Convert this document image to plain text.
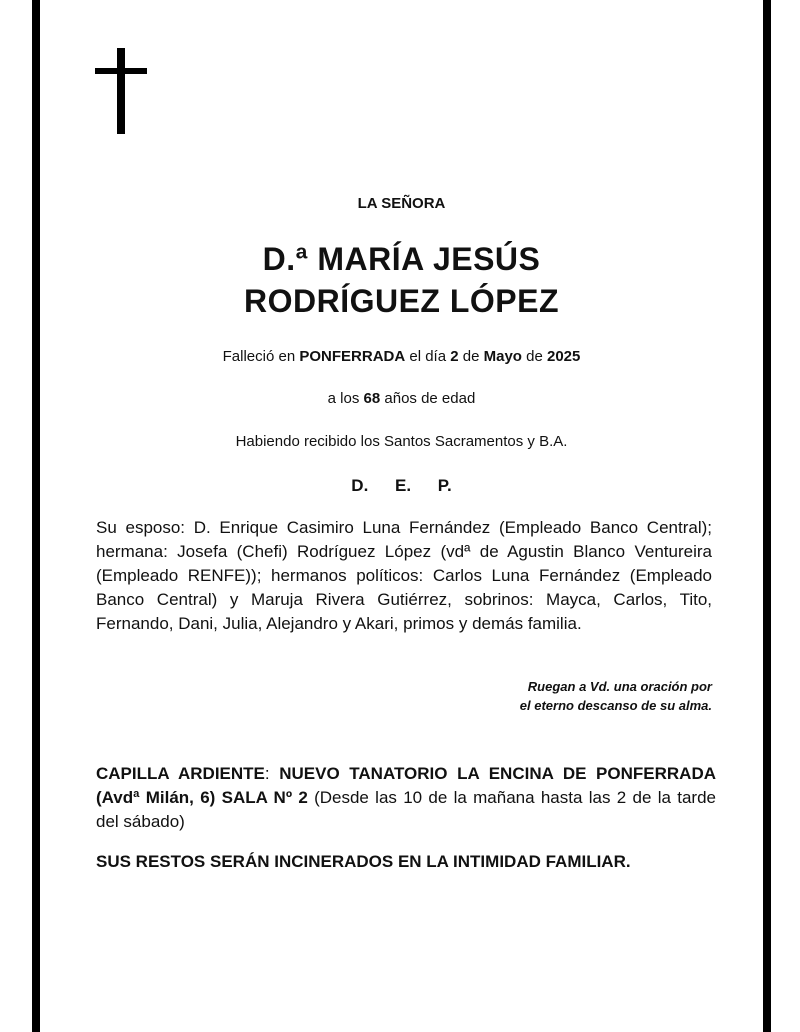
LA SEÑORA
D.ª MARÍA JESÚS
RODRÍGUEZ LÓPEZ
Falleció en PONFERRADA el día 2 de Mayo de 2025
a los 68 años de edad
Habiendo recibido los Santos Sacramentos y B.A.
D. E. P.
Su esposo: D. Enrique Casimiro Luna Fernández (Empleado Banco Central); hermana: Josefa (Chefi) Rodríguez López (vdª de Agustin Blanco Ventureira (Empleado RENFE)); hermanos políticos: Carlos Luna Fernández (Empleado Banco Central) y Maruja Rivera Gutiérrez, sobrinos: Mayca, Carlos, Tito, Fernando, Dani, Julia, Alejandro y Akari, primos y demás familia.
Ruegan a Vd. una oración por
el eterno descanso de su alma.
CAPILLA ARDIENTE: NUEVO TANATORIO LA ENCINA DE PONFERRADA (Avdª Milán, 6) SALA Nº 2 (Desde las 10 de la mañana hasta las 2 de la tarde del sábado)
SUS RESTOS SERÁN INCINERADOS EN LA INTIMIDAD FAMILIAR.
